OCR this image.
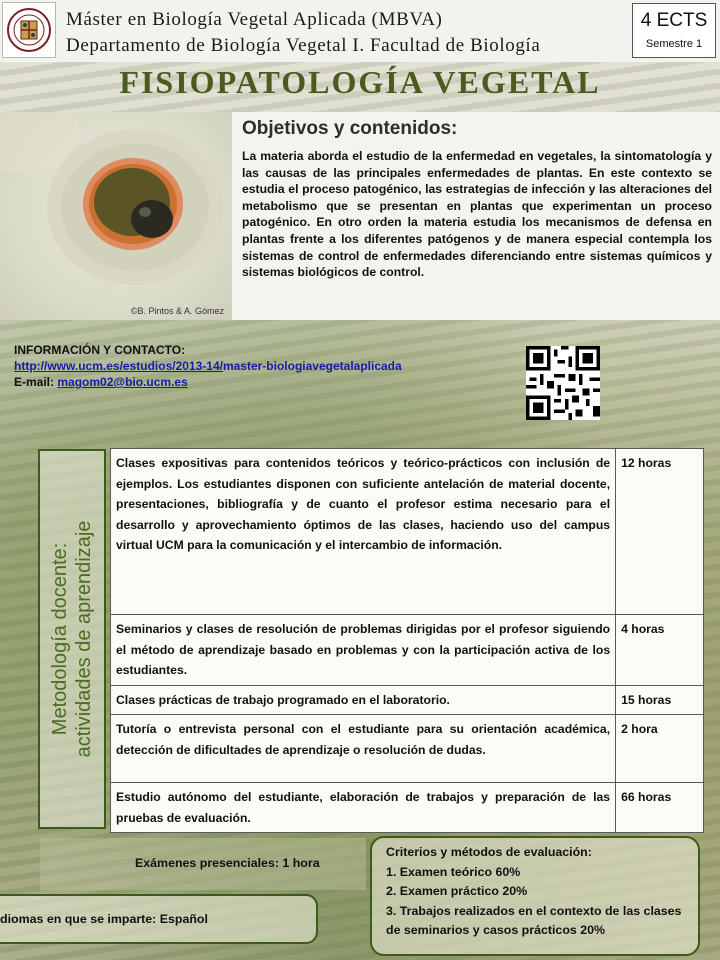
Máster en Biología Vegetal Aplicada (MBVA)
Departamento de Biología Vegetal I. Facultad de Biología
4 ECTS
Semestre 1
FISIOPATOLOGÍA VEGETAL
©B. Pintos & A. Gómez
Objetivos y contenidos:
La materia aborda el estudio de la enfermedad en vegetales, la sintomatología y las causas de las principales enfermedades de plantas. En este contexto se estudia el proceso patogénico, las estrategias de infección y las alteraciones del metabolismo que se presentan en plantas que experimentan un proceso patogénico. En otro orden la materia estudia los mecanismos de defensa en plantas frente a los diferentes patógenos y de manera especial contempla los sistemas de control de enfermedades diferenciando entre sistemas químicos y sistemas biológicos de control.
INFORMACIÓN Y CONTACTO:
http://www.ucm.es/estudios/2013-14/master-biologiavegetalaplicada
E-mail: magom02@bio.ucm.es
Metodología docente: actividades de aprendizaje
Clases expositivas para contenidos teóricos y teórico-prácticos con inclusión de ejemplos. Los estudiantes disponen con suficiente antelación de material docente, presentaciones, bibliografía y de cuanto el profesor estima necesario para el desarrollo y aprovechamiento óptimos de las clases, haciendo uso del campus virtual UCM para la comunicación y el intercambio de información.	12 horas
Seminarios y clases de resolución de problemas dirigidas por el profesor siguiendo el método de aprendizaje basado en problemas y con la participación activa de los estudiantes.	4 horas
Clases prácticas de trabajo programado en el laboratorio.	15 horas
Tutoría o entrevista personal con el estudiante para su orientación académica, detección de dificultades de aprendizaje o resolución de dudas.	2 hora
Estudio autónomo del estudiante, elaboración de trabajos y preparación de las pruebas de evaluación.	66 horas
Exámenes presenciales: 1 hora
Criterios y métodos de evaluación:
1. Examen teórico 60%
2. Examen práctico 20%
3. Trabajos realizados en el contexto de las clases de seminarios y casos prácticos 20%
diomas en que se imparte: Español
